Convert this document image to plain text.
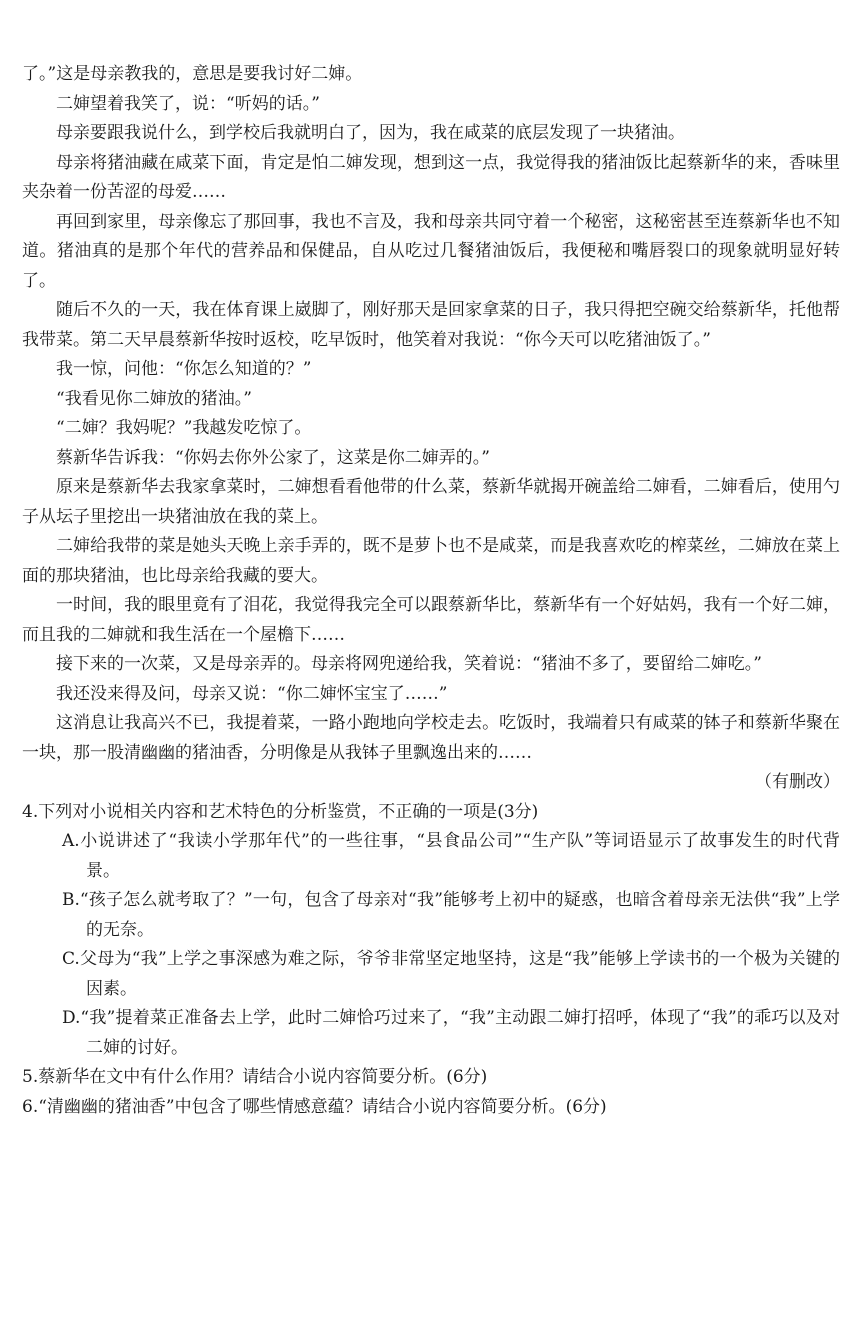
了。”这是母亲教我的，意思是要我讨好二婶。

二婶望着我笑了，说：“听妈的话。”

母亲要跟我说什么，到学校后我就明白了，因为，我在咸菜的底层发现了一块猪油。

母亲将猪油藏在咸菜下面，肯定是怕二婶发现，想到这一点，我觉得我的猪油饭比起蔡新华的来，香味里夹杂着一份苦涩的母爱……

再回到家里，母亲像忘了那回事，我也不言及，我和母亲共同守着一个秘密，这秘密甚至连蔡新华也不知道。猪油真的是那个年代的营养品和保健品，自从吃过几餐猪油饭后，我便秘和嘴唇裂口的现象就明显好转了。

随后不久的一天，我在体育课上崴脚了，刚好那天是回家拿菜的日子，我只得把空碗交给蔡新华，托他帮我带菜。第二天早晨蔡新华按时返校，吃早饭时，他笑着对我说：“你今天可以吃猪油饭了。”

我一惊，问他：“你怎么知道的？”

“我看见你二婶放的猪油。”

“二婶？我妈呢？”我越发吃惊了。

蔡新华告诉我：“你妈去你外公家了，这菜是你二婶弄的。”

原来是蔡新华去我家拿菜时，二婶想看看他带的什么菜，蔡新华就揭开碗盖给二婶看，二婶看后，使用勺子从坛子里挖出一块猪油放在我的菜上。

二婶给我带的菜是她头天晚上亲手弄的，既不是萝卜也不是咸菜，而是我喜欢吃的榨菜丝，二婶放在菜上面的那块猪油，也比母亲给我藏的要大。

一时间，我的眼里竟有了泪花，我觉得我完全可以跟蔡新华比，蔡新华有一个好姑妈，我有一个好二婶，而且我的二婶就和我生活在一个屋檐下……

接下来的一次菜，又是母亲弄的。母亲将网兜递给我，笑着说：“猪油不多了，要留给二婶吃。”

我还没来得及问，母亲又说：“你二婶怀宝宝了……”

这消息让我高兴不已，我提着菜，一路小跑地向学校走去。吃饭时，我端着只有咸菜的钵子和蔡新华聚在一块，那一股清幽幽的猪油香，分明像是从我钵子里飘逸出来的……

（有删改）

4.下列对小说相关内容和艺术特色的分析鉴赏，不正确的一项是(3分)

A.小说讲述了“我读小学那年代”的一些往事，“县食品公司”“生产队”等词语显示了故事发生的时代背景。

B.“孩子怎么就考取了？”一句，包含了母亲对“我”能够考上初中的疑惑，也暗含着母亲无法供“我”上学的无奈。

C.父母为“我”上学之事深感为难之际，爷爷非常坚定地坚持，这是“我”能够上学读书的一个极为关键的因素。

D.“我”提着菜正准备去上学，此时二婶恰巧过来了，“我”主动跟二婶打招呼，体现了“我”的乖巧以及对二婶的讨好。

5.蔡新华在文中有什么作用？请结合小说内容简要分析。(6分)

6.“清幽幽的猪油香”中包含了哪些情感意蕴？请结合小说内容简要分析。(6分)
